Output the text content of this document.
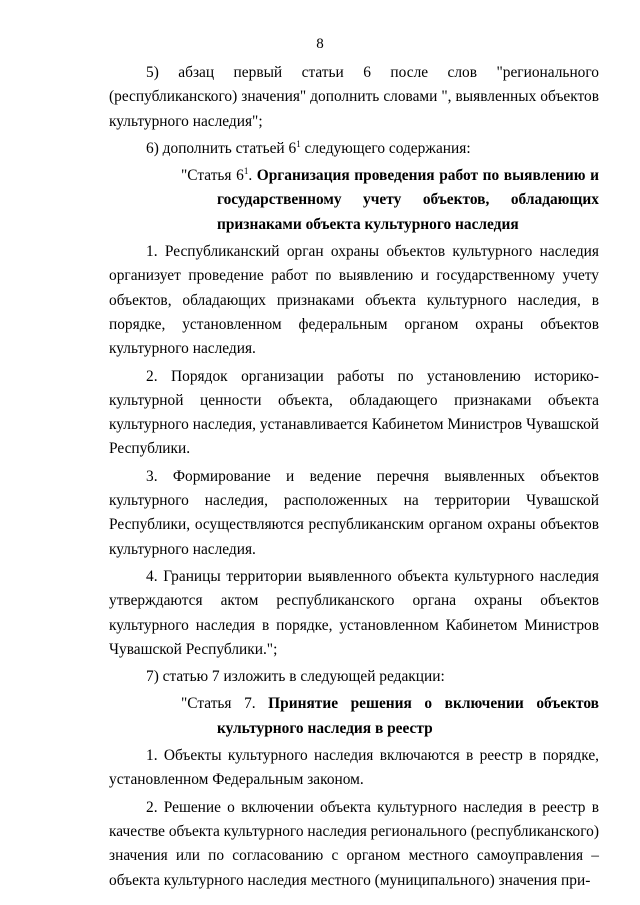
8

5) абзац первый статьи 6 после слов "регионального (республиканского) значения" дополнить словами ", выявленных объектов культурного наследия";

6) дополнить статьей $6^1$ следующего содержания:

"Статья $6^1$. Организация проведения работ по выявлению и государственному учету объектов, обладающих признаками объекта культурного наследия

1. Республиканский орган охраны объектов культурного наследия организует проведение работ по выявлению и государственному учету объектов, обладающих признаками объекта культурного наследия, в порядке, установленном федеральным органом охраны объектов культурного наследия.

2. Порядок организации работы по установлению историко-культурной ценности объекта, обладающего признаками объекта культурного наследия, устанавливается Кабинетом Министров Чувашской Республики.

3. Формирование и ведение перечня выявленных объектов культурного наследия, расположенных на территории Чувашской Республики, осуществляются республиканским органом охраны объектов культурного наследия.

4. Границы территории выявленного объекта культурного наследия утверждаются актом республиканского органа охраны объектов культурного наследия в порядке, установленном Кабинетом Министров Чувашской Республики.";

7) статью 7 изложить в следующей редакции:

"Статья 7. Принятие решения о включении объектов культурного наследия в реестр

1. Объекты культурного наследия включаются в реестр в порядке, установленном Федеральным законом.

2. Решение о включении объекта культурного наследия в реестр в качестве объекта культурного наследия регионального (республиканского) значения или по согласованию с органом местного самоуправления – объекта культурного наследия местного (муниципального) значения при-
